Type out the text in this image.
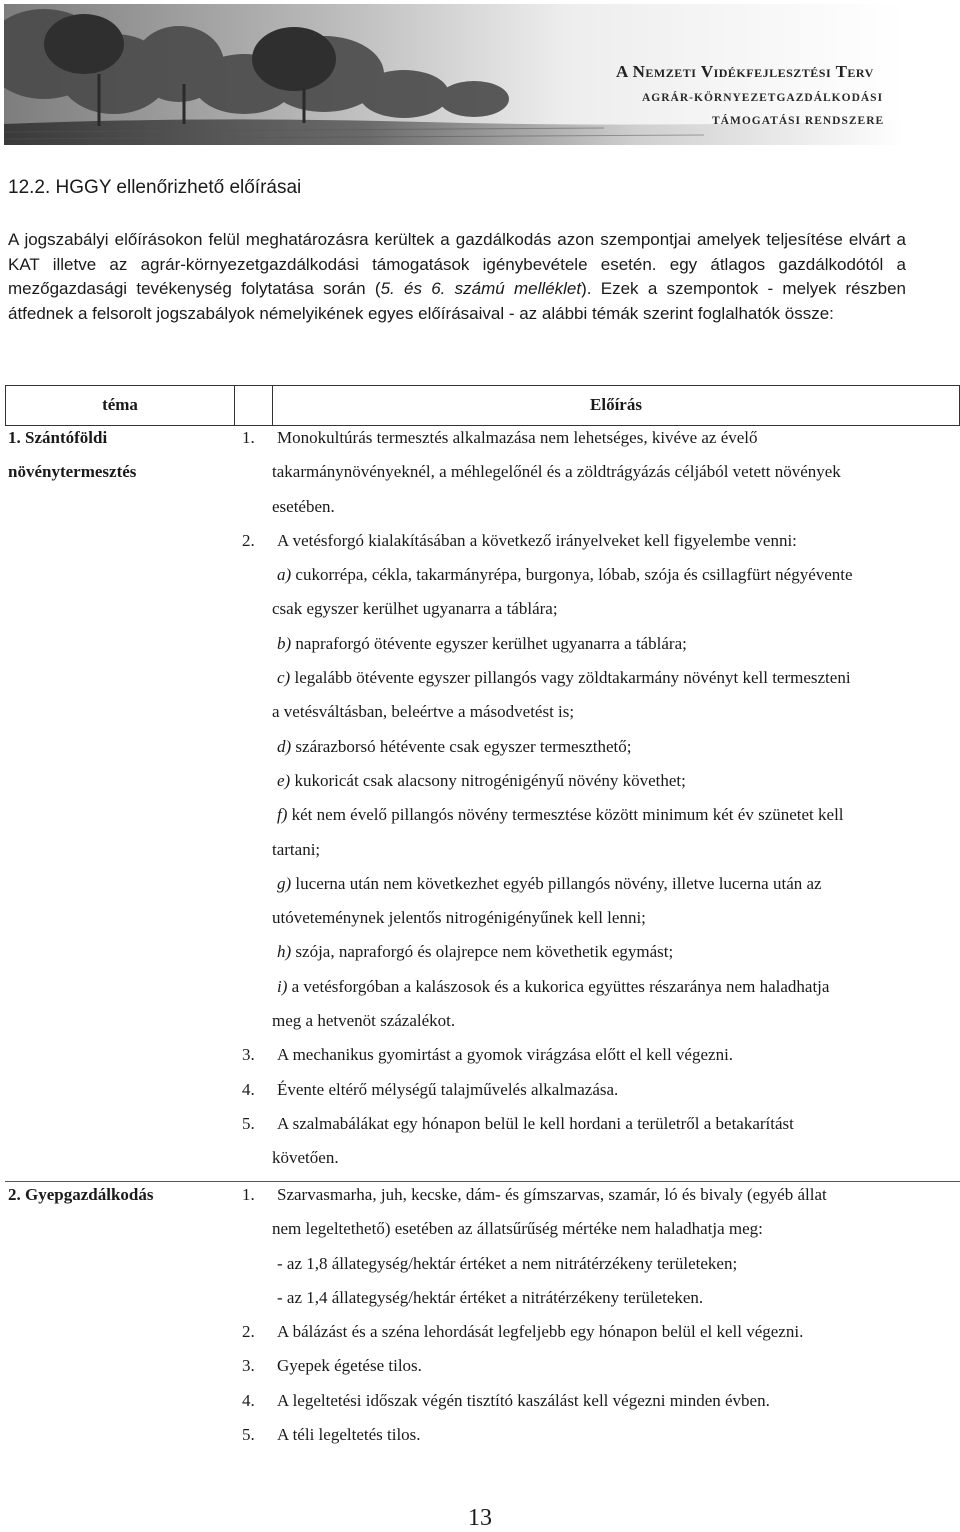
A Nemzeti Vidékfejlesztési Terv
AGRÁR-KÖRNYEZETGAZDÁLKODÁSI
TÁMOGATÁSI RENDSZERE
12.2. HGGY ellenőrizhető előírásai

A jogszabályi előírásokon felül meghatározásra kerültek a gazdálkodás azon szempontjai amelyek teljesítése elvárt a KAT illetve az agrár-környezetgazdálkodási támogatások igénybevétele esetén. egy átlagos gazdálkodótól a mezőgazdasági tevékenység folytatása során (5. és 6. számú melléklet). Ezek a szempontok - melyek részben átfednek a felsorolt jogszabályok némelyikének egyes előírásaival - az alábbi témák szerint foglalhatók össze:

téma	Előírás
1. Szántóföldi
növénytermesztés
1. Monokultúrás termesztés alkalmazása nem lehetséges, kivéve az évelő
takarmánynövényeknél, a méhlegelőnél és a zöldtrágyázás céljából vetett növények
esetében.
2. A vetésforgó kialakításában a következő irányelveket kell figyelembe venni:
a) cukorrépa, cékla, takarmányrépa, burgonya, lóbab, szója és csillagfürt négyévente
csak egyszer kerülhet ugyanarra a táblára;
b) napraforgó ötévente egyszer kerülhet ugyanarra a táblára;
c) legalább ötévente egyszer pillangós vagy zöldtakarmány növényt kell termeszteni
a vetésváltásban, beleértve a másodvetést is;
d) szárazborsó hétévente csak egyszer termeszthető;
e) kukoricát csak alacsony nitrogénigényű növény követhet;
f) két nem évelő pillangós növény termesztése között minimum két év szünetet kell
tartani;
g) lucerna után nem következhet egyéb pillangós növény, illetve lucerna után az
utóveteménynek jelentős nitrogénigényűnek kell lenni;
h) szója, napraforgó és olajrepce nem követhetik egymást;
i) a vetésforgóban a kalászosok és a kukorica együttes részaránya nem haladhatja
meg a hetvenöt százalékot.
3. A mechanikus gyomirtást a gyomok virágzása előtt el kell végezni.
4. Évente eltérő mélységű talajművelés alkalmazása.
5. A szalmabálákat egy hónapon belül le kell hordani a területről a betakarítást
követően.
2. Gyepgazdálkodás	1. Szarvasmarha, juh, kecske, dám- és gímszarvas, szamár, ló és bivaly (egyéb állat
nem legeltethető) esetében az állatsűrűség mértéke nem haladhatja meg:
- az 1,8 állategység/hektár értéket a nem nitrátérzékeny területeken;
- az 1,4 állategység/hektár értéket a nitrátérzékeny területeken.
2. A bálázást és a széna lehordását legfeljebb egy hónapon belül el kell végezni.
3. Gyepek égetése tilos.
4. A legeltetési időszak végén tisztító kaszálást kell végezni minden évben.
5. A téli legeltetés tilos.
13
